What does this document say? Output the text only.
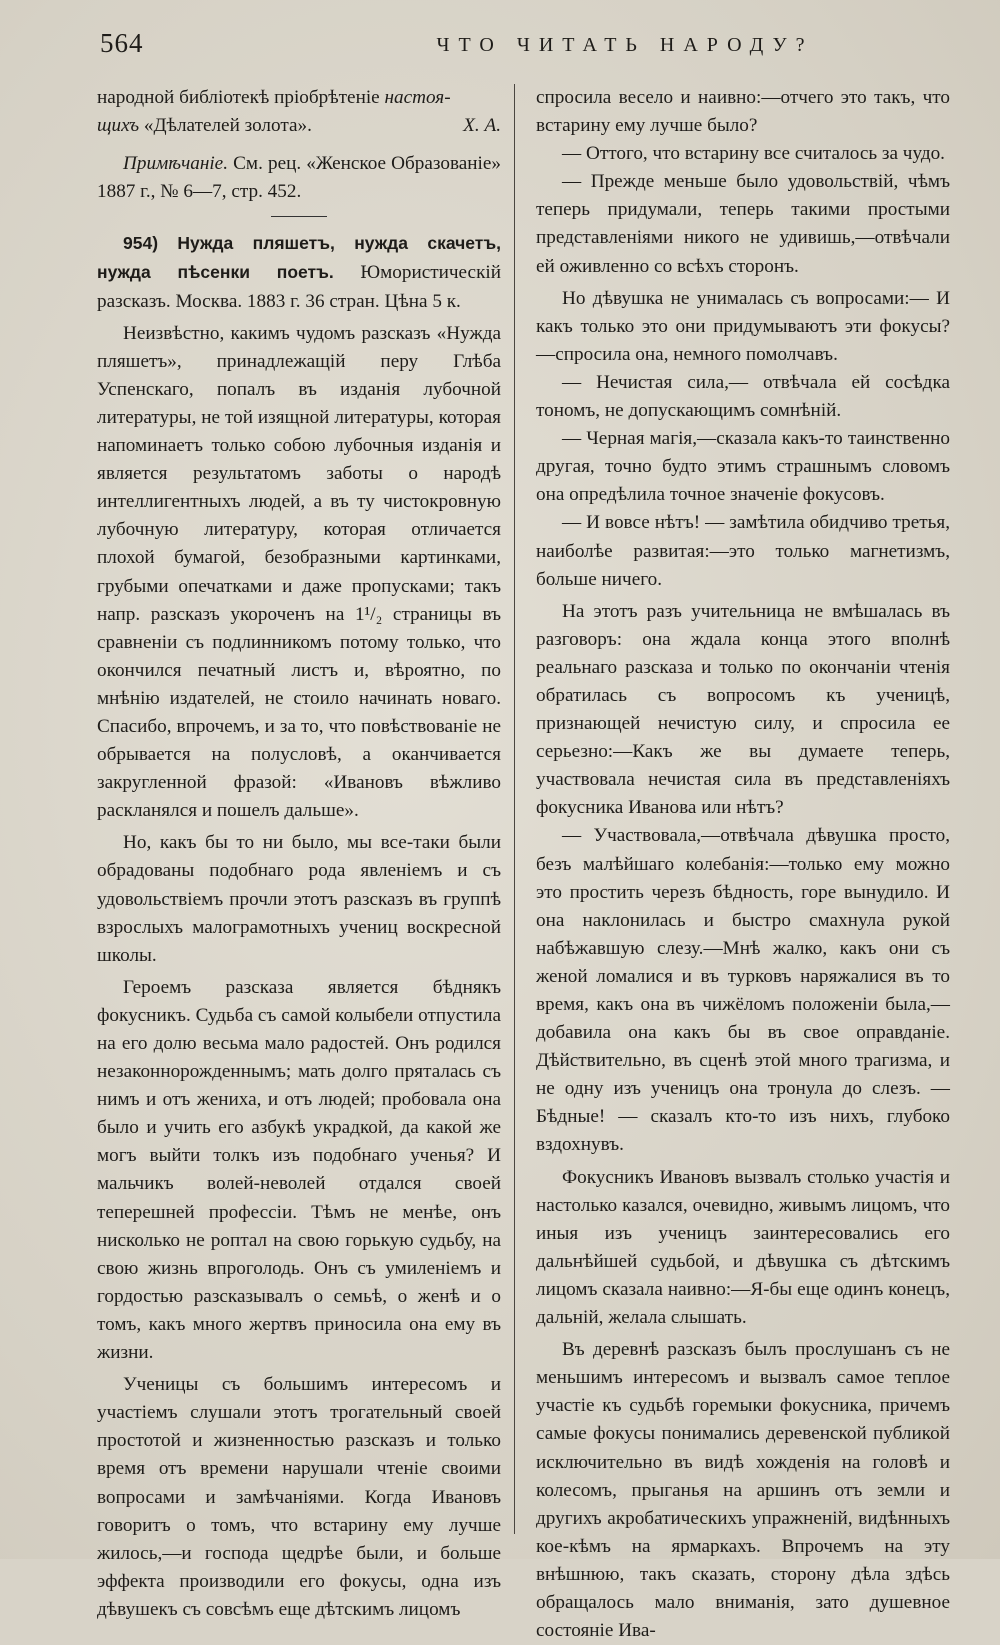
564	ЧТО ЧИТАТЬ НАРОДУ?

народной библіотекѣ пріобрѣтеніе настоя-

щихъ «Дѣлателей золота».	Х. А.

Примѣчаніе. См. рец. «Женское Образованіе» 1887 г., № 6—7, стр. 452.

954) Нужда пляшетъ, нужда скачетъ, нужда пѣсенки поетъ. Юмористическій разсказъ. Москва. 1883 г. 36 стран. Цѣна 5 к.

Неизвѣстно, какимъ чудомъ разсказъ «Нужда пляшетъ», принадлежащій перу Глѣба Успенскаго, попалъ въ изданія лубочной литературы, не той изящной литературы, которая напоминаетъ только собою лубочныя изданія и является результатомъ заботы о народѣ интеллигентныхъ людей, а въ ту чистокровную лубочную литературу, которая отличается плохой бумагой, безобразными картинками, грубыми опечатками и даже пропусками; такъ напр. разсказъ укороченъ на 1¹/₂ страницы въ сравненіи съ подлинникомъ потому только, что окончился печатный листъ и, вѣроятно, по мнѣнію издателей, не стоило начинать новаго. Спасибо, впрочемъ, и за то, что повѣствованіе не обрывается на полусловѣ, а оканчивается закругленной фразой: «Ивановъ вѣжливо раскланялся и пошелъ дальше».

Но, какъ бы то ни было, мы все-таки были обрадованы подобнаго рода явленіемъ и съ удовольствіемъ прочли этотъ разсказъ въ группѣ взрослыхъ малограмотныхъ учениц воскресной школы.

Героемъ разсказа является бѣднякъ фокусникъ. Судьба съ самой колыбели отпустила на его долю весьма мало радостей. Онъ родился незаконнорожденнымъ; мать долго пряталась съ нимъ и отъ жениха, и отъ людей; пробовала она было и учить его азбукѣ украдкой, да какой же могъ выйти толкъ изъ подобнаго ученья? И мальчикъ волей-неволей отдался своей теперешней профессіи. Тѣмъ не менѣе, онъ нисколько не роптал на свою горькую судьбу, на свою жизнь впроголодь. Онъ съ умиленіемъ и гордостью разсказывалъ о семьѣ, о женѣ и о томъ, какъ много жертвъ приносила она ему въ жизни.

Ученицы съ большимъ интересомъ и участіемъ слушали этотъ трогательный своей простотой и жизненностью разсказъ и только время отъ времени нарушали чтеніе своими вопросами и замѣчаніями. Когда Ивановъ говоритъ о томъ, что встарину ему лучше жилось,—и господа щедрѣе были, и больше эффекта производили его фокусы, одна изъ дѣвушекъ съ совсѣмъ еще дѣтскимъ лицомъ

спросила весело и наивно:—отчего это такъ, что встарину ему лучше было?

— Оттого, что встарину все считалось за чудо.

— Прежде меньше было удовольствій, чѣмъ теперь придумали, теперь такими простыми представленіями никого не удивишь,—отвѣчали ей оживленно со всѣхъ сторонъ.

Но дѣвушка не унималась съ вопросами:— И какъ только это они придумываютъ эти фокусы?—спросила она, немного помолчавъ.

— Нечистая сила,— отвѣчала ей сосѣдка тономъ, не допускающимъ сомнѣній.

— Черная магія,—сказала какъ-то таинственно другая, точно будто этимъ страшнымъ словомъ она опредѣлила точное значеніе фокусовъ.

— И вовсе нѣтъ! — замѣтила обидчиво третья, наиболѣе развитая:—это только магнетизмъ, больше ничего.

На этотъ разъ учительница не вмѣшалась въ разговоръ: она ждала конца этого вполнѣ реальнаго разсказа и только по окончаніи чтенія обратилась съ вопросомъ къ ученицѣ, признающей нечистую силу, и спросила ее серьезно:—Какъ же вы думаете теперь, участвовала нечистая сила въ представленіяхъ фокусника Иванова или нѣтъ?

— Участвовала,—отвѣчала дѣвушка просто, безъ малѣйшаго колебанія:—только ему можно это простить черезъ бѣдность, горе вынудило. И она наклонилась и быстро смахнула рукой набѣжавшую слезу.—Мнѣ жалко, какъ они съ женой ломалися и въ турковъ наряжалися въ то время, какъ она въ чижёломъ положеніи была,—добавила она какъ бы въ свое оправданіе. Дѣйствительно, въ сценѣ этой много трагизма, и не одну изъ ученицъ она тронула до слезъ. — Бѣдные! — сказалъ кто-то изъ нихъ, глубоко вздохнувъ.

Фокусникъ Ивановъ вызвалъ столько участія и настолько казался, очевидно, живымъ лицомъ, что иныя изъ ученицъ заинтересовались его дальнѣйшей судьбой, и дѣвушка съ дѣтскимъ лицомъ сказала наивно:—Я-бы еще одинъ конецъ, дальній, желала слышать.

Въ деревнѣ разсказъ былъ прослушанъ съ не меньшимъ интересомъ и вызвалъ самое теплое участіе къ судьбѣ горемыки фокусника, причемъ самые фокусы понимались деревенской публикой исключительно въ видѣ хожденія на головѣ и колесомъ, прыганья на аршинъ отъ земли и другихъ акробатическихъ упражненій, видѣнныхъ кое-кѣмъ на ярмаркахъ. Впрочемъ на эту внѣшнюю, такъ сказать, сторону дѣла здѣсь обращалось мало вниманія, зато душевное состояніе Ива-
